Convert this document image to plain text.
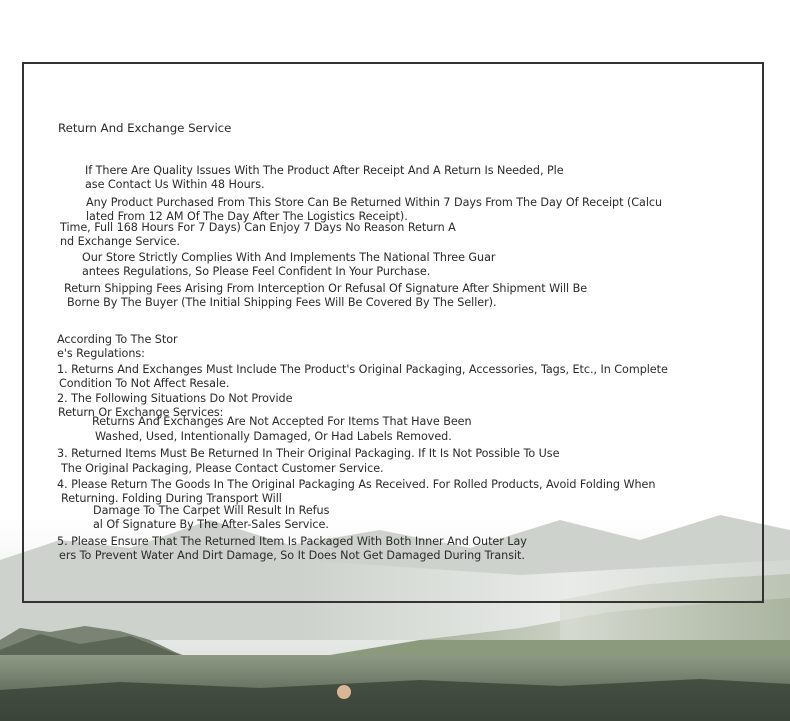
Return And Exchange Service

If There Are Quality Issues With The Product After Receipt And A Return Is Needed, Ple

ase Contact Us Within 48 Hours.

Any Product Purchased From This Store Can Be Returned Within 7 Days From The Day Of Receipt (Calcu

lated From 12 AM Of The Day After The Logistics Receipt).

Time, Full 168 Hours For 7 Days) Can Enjoy 7 Days No Reason Return A

nd Exchange Service.

Our Store Strictly Complies With And Implements The National Three Guar

antees Regulations, So Please Feel Confident In Your Purchase.

Return Shipping Fees Arising From Interception Or Refusal Of Signature After Shipment Will Be

Borne By The Buyer (The Initial Shipping Fees Will Be Covered By The Seller).

According To The Stor

e's Regulations:

1. Returns And Exchanges Must Include The Product's Original Packaging, Accessories, Tags, Etc., In Complete

Condition To Not Affect Resale.

2. The Following Situations Do Not Provide

Return Or Exchange Services:

Returns And Exchanges Are Not Accepted For Items That Have Been

Washed, Used, Intentionally Damaged, Or Had Labels Removed.

3. Returned Items Must Be Returned In Their Original Packaging. If It Is Not Possible To Use

The Original Packaging, Please Contact Customer Service.

4. Please Return The Goods In The Original Packaging As Received. For Rolled Products, Avoid Folding When

Returning. Folding During Transport Will

Damage To The Carpet Will Result In Refus

al Of Signature By The After-Sales Service.

5. Please Ensure That The Returned Item Is Packaged With Both Inner And Outer Lay

ers To Prevent Water And Dirt Damage, So It Does Not Get Damaged During Transit.
